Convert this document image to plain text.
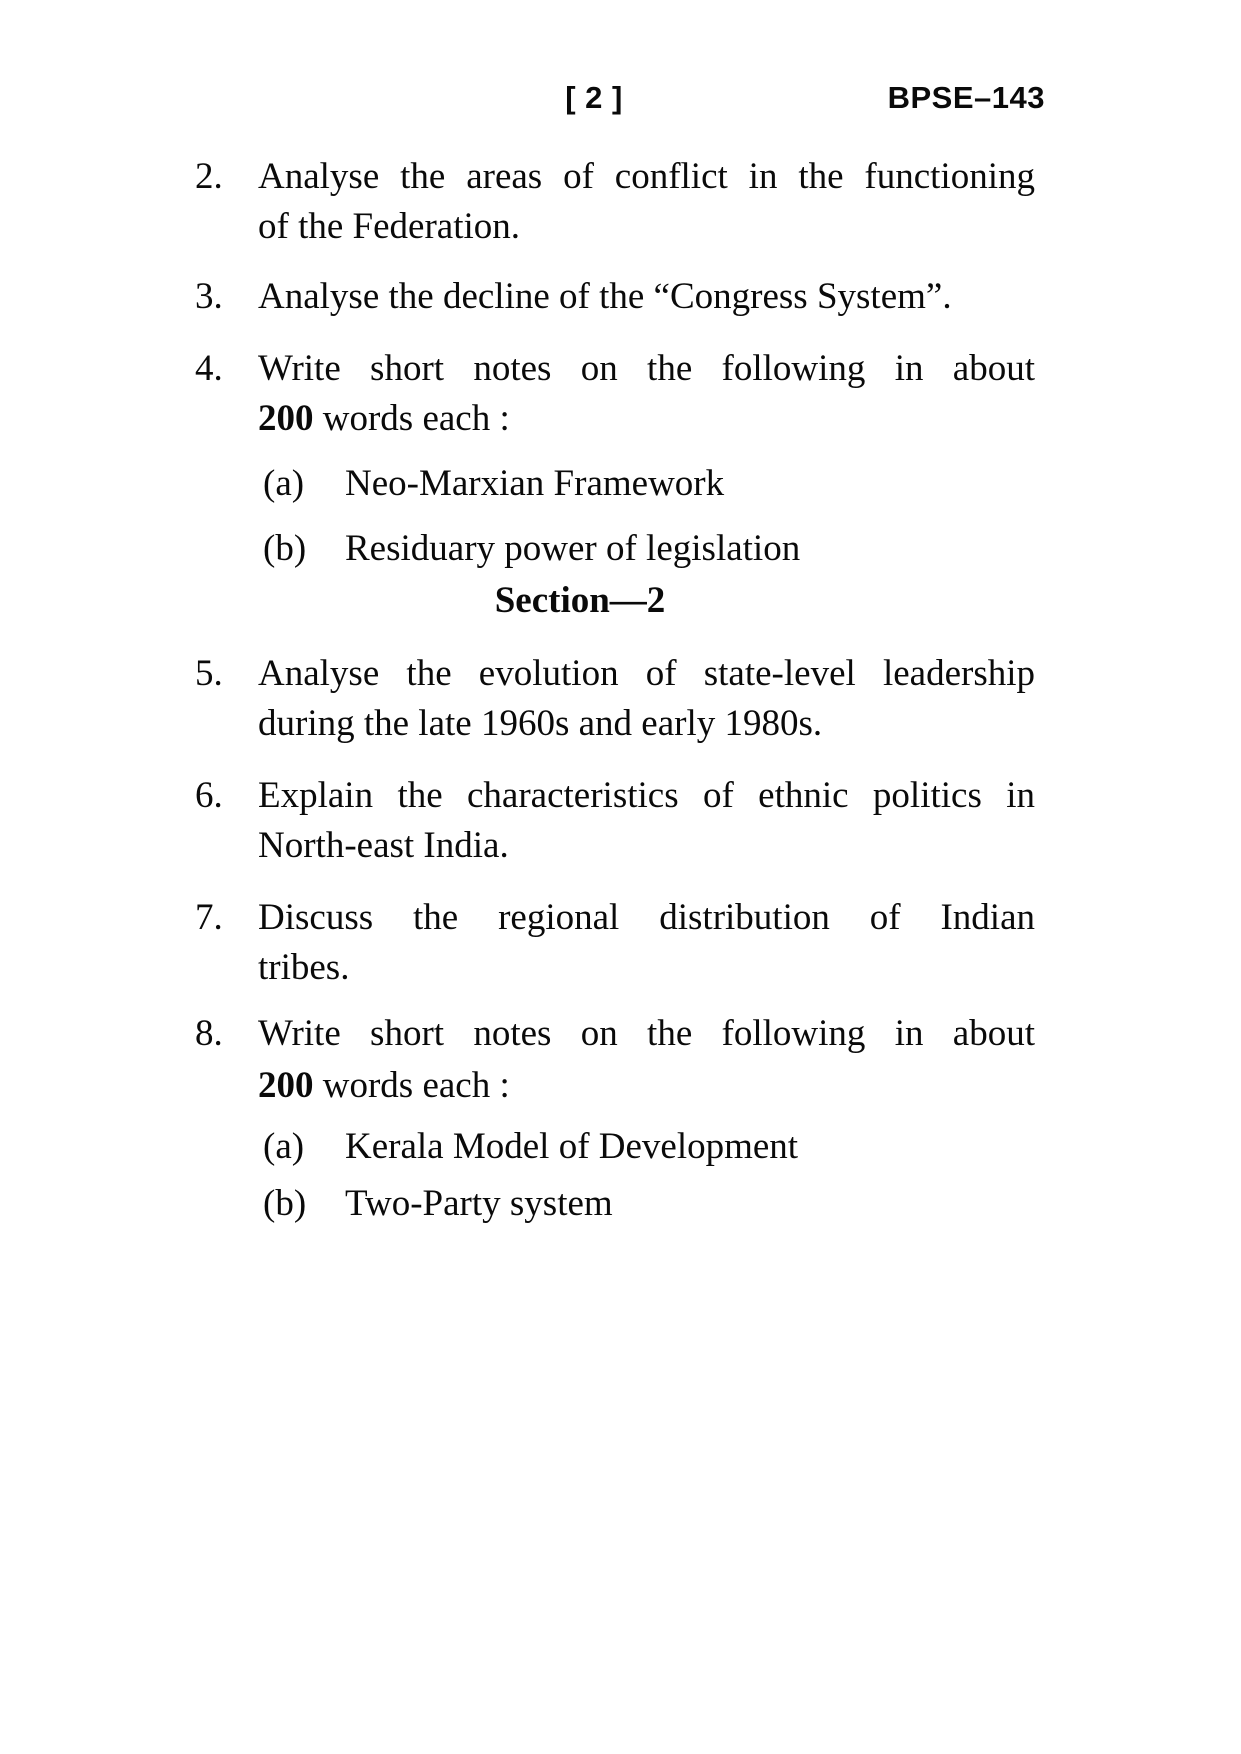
[ 2 ]	BPSE–143
2. Analyse the areas of conflict in the functioning
of the Federation.
3. Analyse the decline of the “Congress System”.
4. Write short notes on the following in about
200 words each :
(a) Neo-Marxian Framework
(b) Residuary power of legislation
Section—2
5. Analyse the evolution of state-level leadership
during the late 1960s and early 1980s.
6. Explain the characteristics of ethnic politics in
North-east India.
7. Discuss the regional distribution of Indian
tribes.
8. Write short notes on the following in about
200 words each :
(a) Kerala Model of Development
(b) Two-Party system
